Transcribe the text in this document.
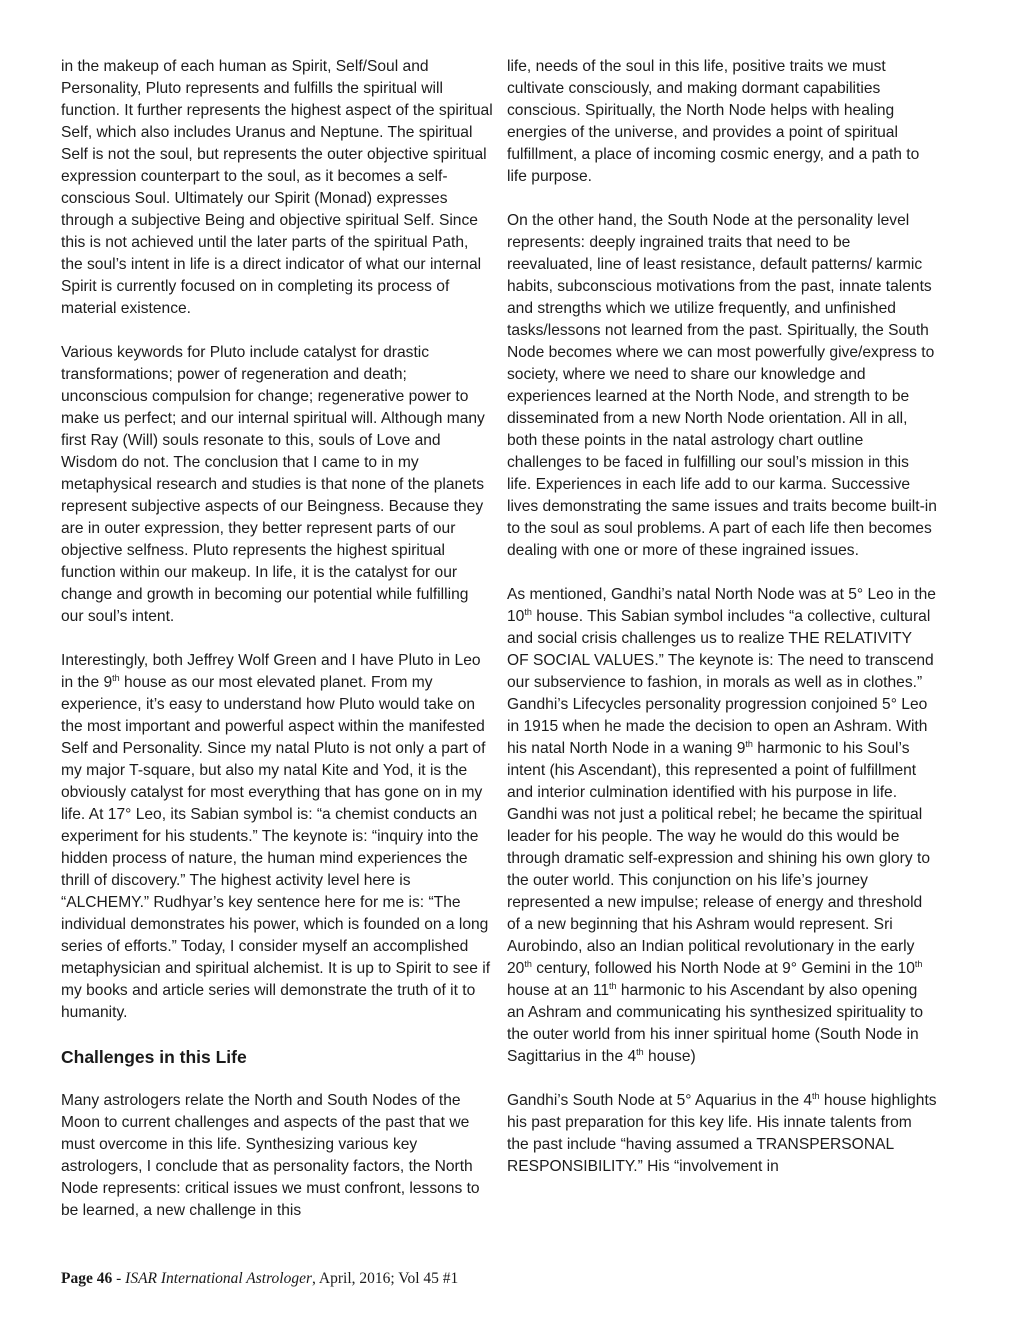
in the makeup of each human as Spirit, Self/Soul and Personality, Pluto represents and fulfills the spiritual will function. It further represents the highest aspect of the spiritual Self, which also includes Uranus and Neptune. The spiritual Self is not the soul, but represents the outer objective spiritual expression counterpart to the soul, as it becomes a self-conscious Soul. Ultimately our Spirit (Monad) expresses through a subjective Being and objective spiritual Self. Since this is not achieved until the later parts of the spiritual Path, the soul’s intent in life is a direct indicator of what our internal Spirit is currently focused on in completing its process of material existence.

Various keywords for Pluto include catalyst for drastic transformations; power of regeneration and death; unconscious compulsion for change; regenerative power to make us perfect; and our internal spiritual will. Although many first Ray (Will) souls resonate to this, souls of Love and Wisdom do not. The conclusion that I came to in my metaphysical research and studies is that none of the planets represent subjective aspects of our Beingness. Because they are in outer expression, they better represent parts of our objective selfness. Pluto represents the highest spiritual function within our makeup. In life, it is the catalyst for our change and growth in becoming our potential while fulfilling our soul’s intent.

Interestingly, both Jeffrey Wolf Green and I have Pluto in Leo in the 9th house as our most elevated planet. From my experience, it’s easy to understand how Pluto would take on the most important and powerful aspect within the manifested Self and Personality. Since my natal Pluto is not only a part of my major T-square, but also my natal Kite and Yod, it is the obviously catalyst for most everything that has gone on in my life. At 17° Leo, its Sabian symbol is: “a chemist conducts an experiment for his students.” The keynote is: “inquiry into the hidden process of nature, the human mind experiences the thrill of discovery.” The highest activity level here is “ALCHEMY.” Rudhyar’s key sentence here for me is: “The individual demonstrates his power, which is founded on a long series of efforts.” Today, I consider myself an accomplished metaphysician and spiritual alchemist. It is up to Spirit to see if my books and article series will demonstrate the truth of it to humanity.

Challenges in this Life

Many astrologers relate the North and South Nodes of the Moon to current challenges and aspects of the past that we must overcome in this life. Synthesizing various key astrologers, I conclude that as personality factors, the North Node represents: critical issues we must confront, lessons to be learned, a new challenge in this

life, needs of the soul in this life, positive traits we must cultivate consciously, and making dormant capabilities conscious. Spiritually, the North Node helps with healing energies of the universe, and provides a point of spiritual fulfillment, a place of incoming cosmic energy, and a path to life purpose.

On the other hand, the South Node at the personality level represents: deeply ingrained traits that need to be reevaluated, line of least resistance, default patterns/ karmic habits, subconscious motivations from the past, innate talents and strengths which we utilize frequently, and unfinished tasks/lessons not learned from the past. Spiritually, the South Node becomes where we can most powerfully give/express to society, where we need to share our knowledge and experiences learned at the North Node, and strength to be disseminated from a new North Node orientation. All in all, both these points in the natal astrology chart outline challenges to be faced in fulfilling our soul’s mission in this life. Experiences in each life add to our karma. Successive lives demonstrating the same issues and traits become built-in to the soul as soul problems. A part of each life then becomes dealing with one or more of these ingrained issues.

As mentioned, Gandhi’s natal North Node was at 5° Leo in the 10th house. This Sabian symbol includes “a collective, cultural and social crisis challenges us to realize THE RELATIVITY OF SOCIAL VALUES.” The keynote is: The need to transcend our subservience to fashion, in morals as well as in clothes.” Gandhi’s Lifecycles personality progression conjoined 5° Leo in 1915 when he made the decision to open an Ashram. With his natal North Node in a waning 9th harmonic to his Soul’s intent (his Ascendant), this represented a point of fulfillment and interior culmination identified with his purpose in life. Gandhi was not just a political rebel; he became the spiritual leader for his people. The way he would do this would be through dramatic self-expression and shining his own glory to the outer world. This conjunction on his life’s journey represented a new impulse; release of energy and threshold of a new beginning that his Ashram would represent. Sri Aurobindo, also an Indian political revolutionary in the early 20th century, followed his North Node at 9° Gemini in the 10th house at an 11th harmonic to his Ascendant by also opening an Ashram and communicating his synthesized spirituality to the outer world from his inner spiritual home (South Node in Sagittarius in the 4th house)

Gandhi’s South Node at 5° Aquarius in the 4th house highlights his past preparation for this key life. His innate talents from the past include “having assumed a TRANSPERSONAL RESPONSIBILITY.” His “involvement in

Page 46 - ISAR International Astrologer, April, 2016; Vol 45 #1
